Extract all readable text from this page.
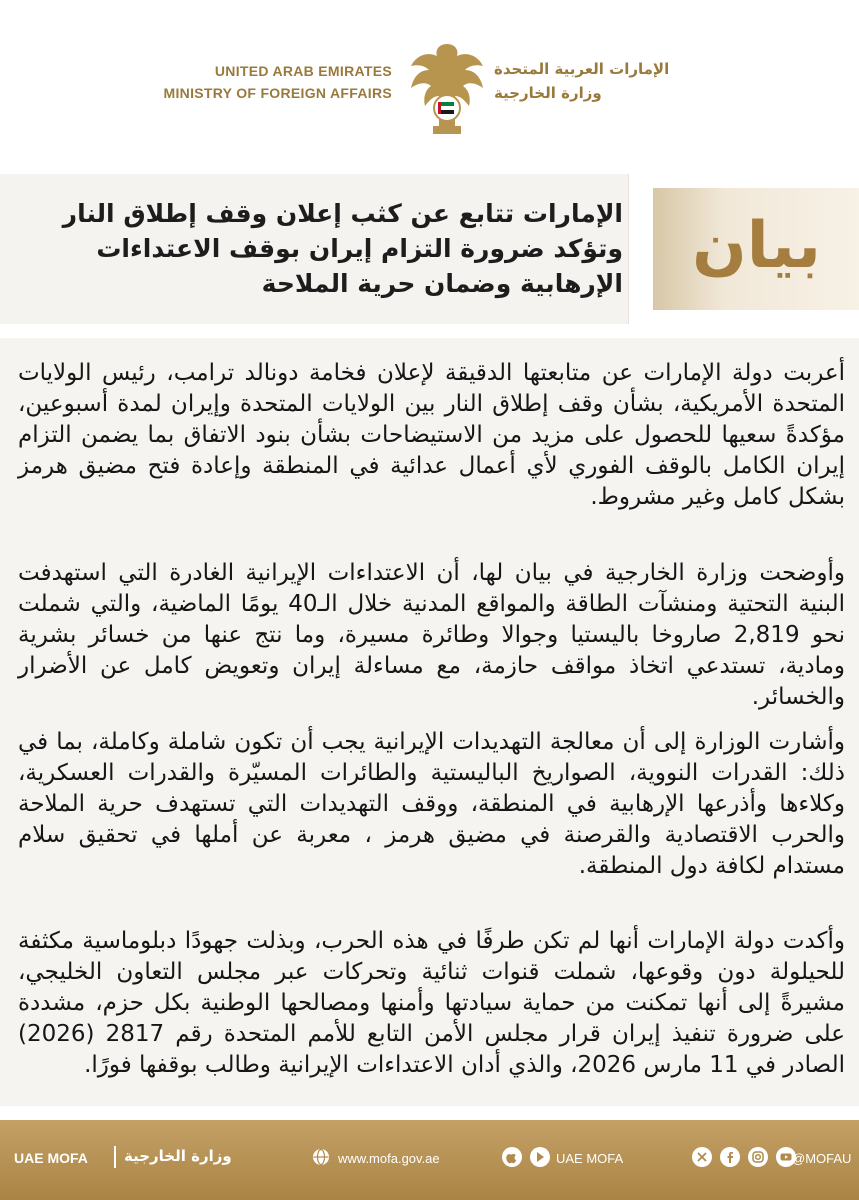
UNITED ARAB EMIRATES
MINISTRY OF FOREIGN AFFAIRS
الإمارات العربية المتحدة
وزارة الخارجية
الإمارات تتابع عن كثب إعلان وقف إطلاق النار وتؤكد ضرورة التزام إيران بوقف الاعتداءات الإرهابية وضمان حرية الملاحة
بيان
أعربت دولة الإمارات عن متابعتها الدقيقة لإعلان فخامة دونالد ترامب، رئيس الولايات المتحدة الأمريكية، بشأن وقف إطلاق النار بين الولايات المتحدة وإيران لمدة أسبوعين، مؤكدةً سعيها للحصول على مزيد من الاستيضاحات بشأن بنود الاتفاق بما يضمن التزام إيران الكامل بالوقف الفوري لأي أعمال عدائية في المنطقة وإعادة فتح مضيق هرمز بشكل كامل وغير مشروط.
وأوضحت وزارة الخارجية في بيان لها، أن الاعتداءات الإيرانية الغادرة التي استهدفت البنية التحتية ومنشآت الطاقة والمواقع المدنية خلال الـ40 يومًا الماضية، والتي شملت نحو 2,819 صاروخا باليستيا وجوالا وطائرة مسيرة، وما نتج عنها من خسائر بشرية ومادية، تستدعي اتخاذ مواقف حازمة، مع مساءلة إيران وتعويض كامل عن الأضرار والخسائر.
وأشارت الوزارة إلى أن معالجة التهديدات الإيرانية يجب أن تكون شاملة وكاملة، بما في ذلك: القدرات النووية، الصواريخ الباليستية والطائرات المسيّرة والقدرات العسكرية، وكلاءها وأذرعها الإرهابية في المنطقة، ووقف التهديدات التي تستهدف حرية الملاحة والحرب الاقتصادية والقرصنة في مضيق هرمز ، معربة عن أملها في تحقيق سلام مستدام لكافة دول المنطقة.
وأكدت دولة الإمارات أنها لم تكن طرفًا في هذه الحرب، وبذلت جهودًا دبلوماسية مكثفة للحيلولة دون وقوعها، شملت قنوات ثنائية وتحركات عبر مجلس التعاون الخليجي، مشيرةً إلى أنها تمكنت من حماية سيادتها وأمنها ومصالحها الوطنية بكل حزم، مشددة على ضرورة تنفيذ إيران قرار مجلس الأمن التابع للأمم المتحدة رقم 2817 (2026) الصادر في 11 مارس 2026، والذي أدان الاعتداءات الإيرانية وطالب بوقفها فورًا.
UAE MOFA وزارة الخارجية	www.mofa.gov.ae
	UAE MOFA

	@MOFAU
